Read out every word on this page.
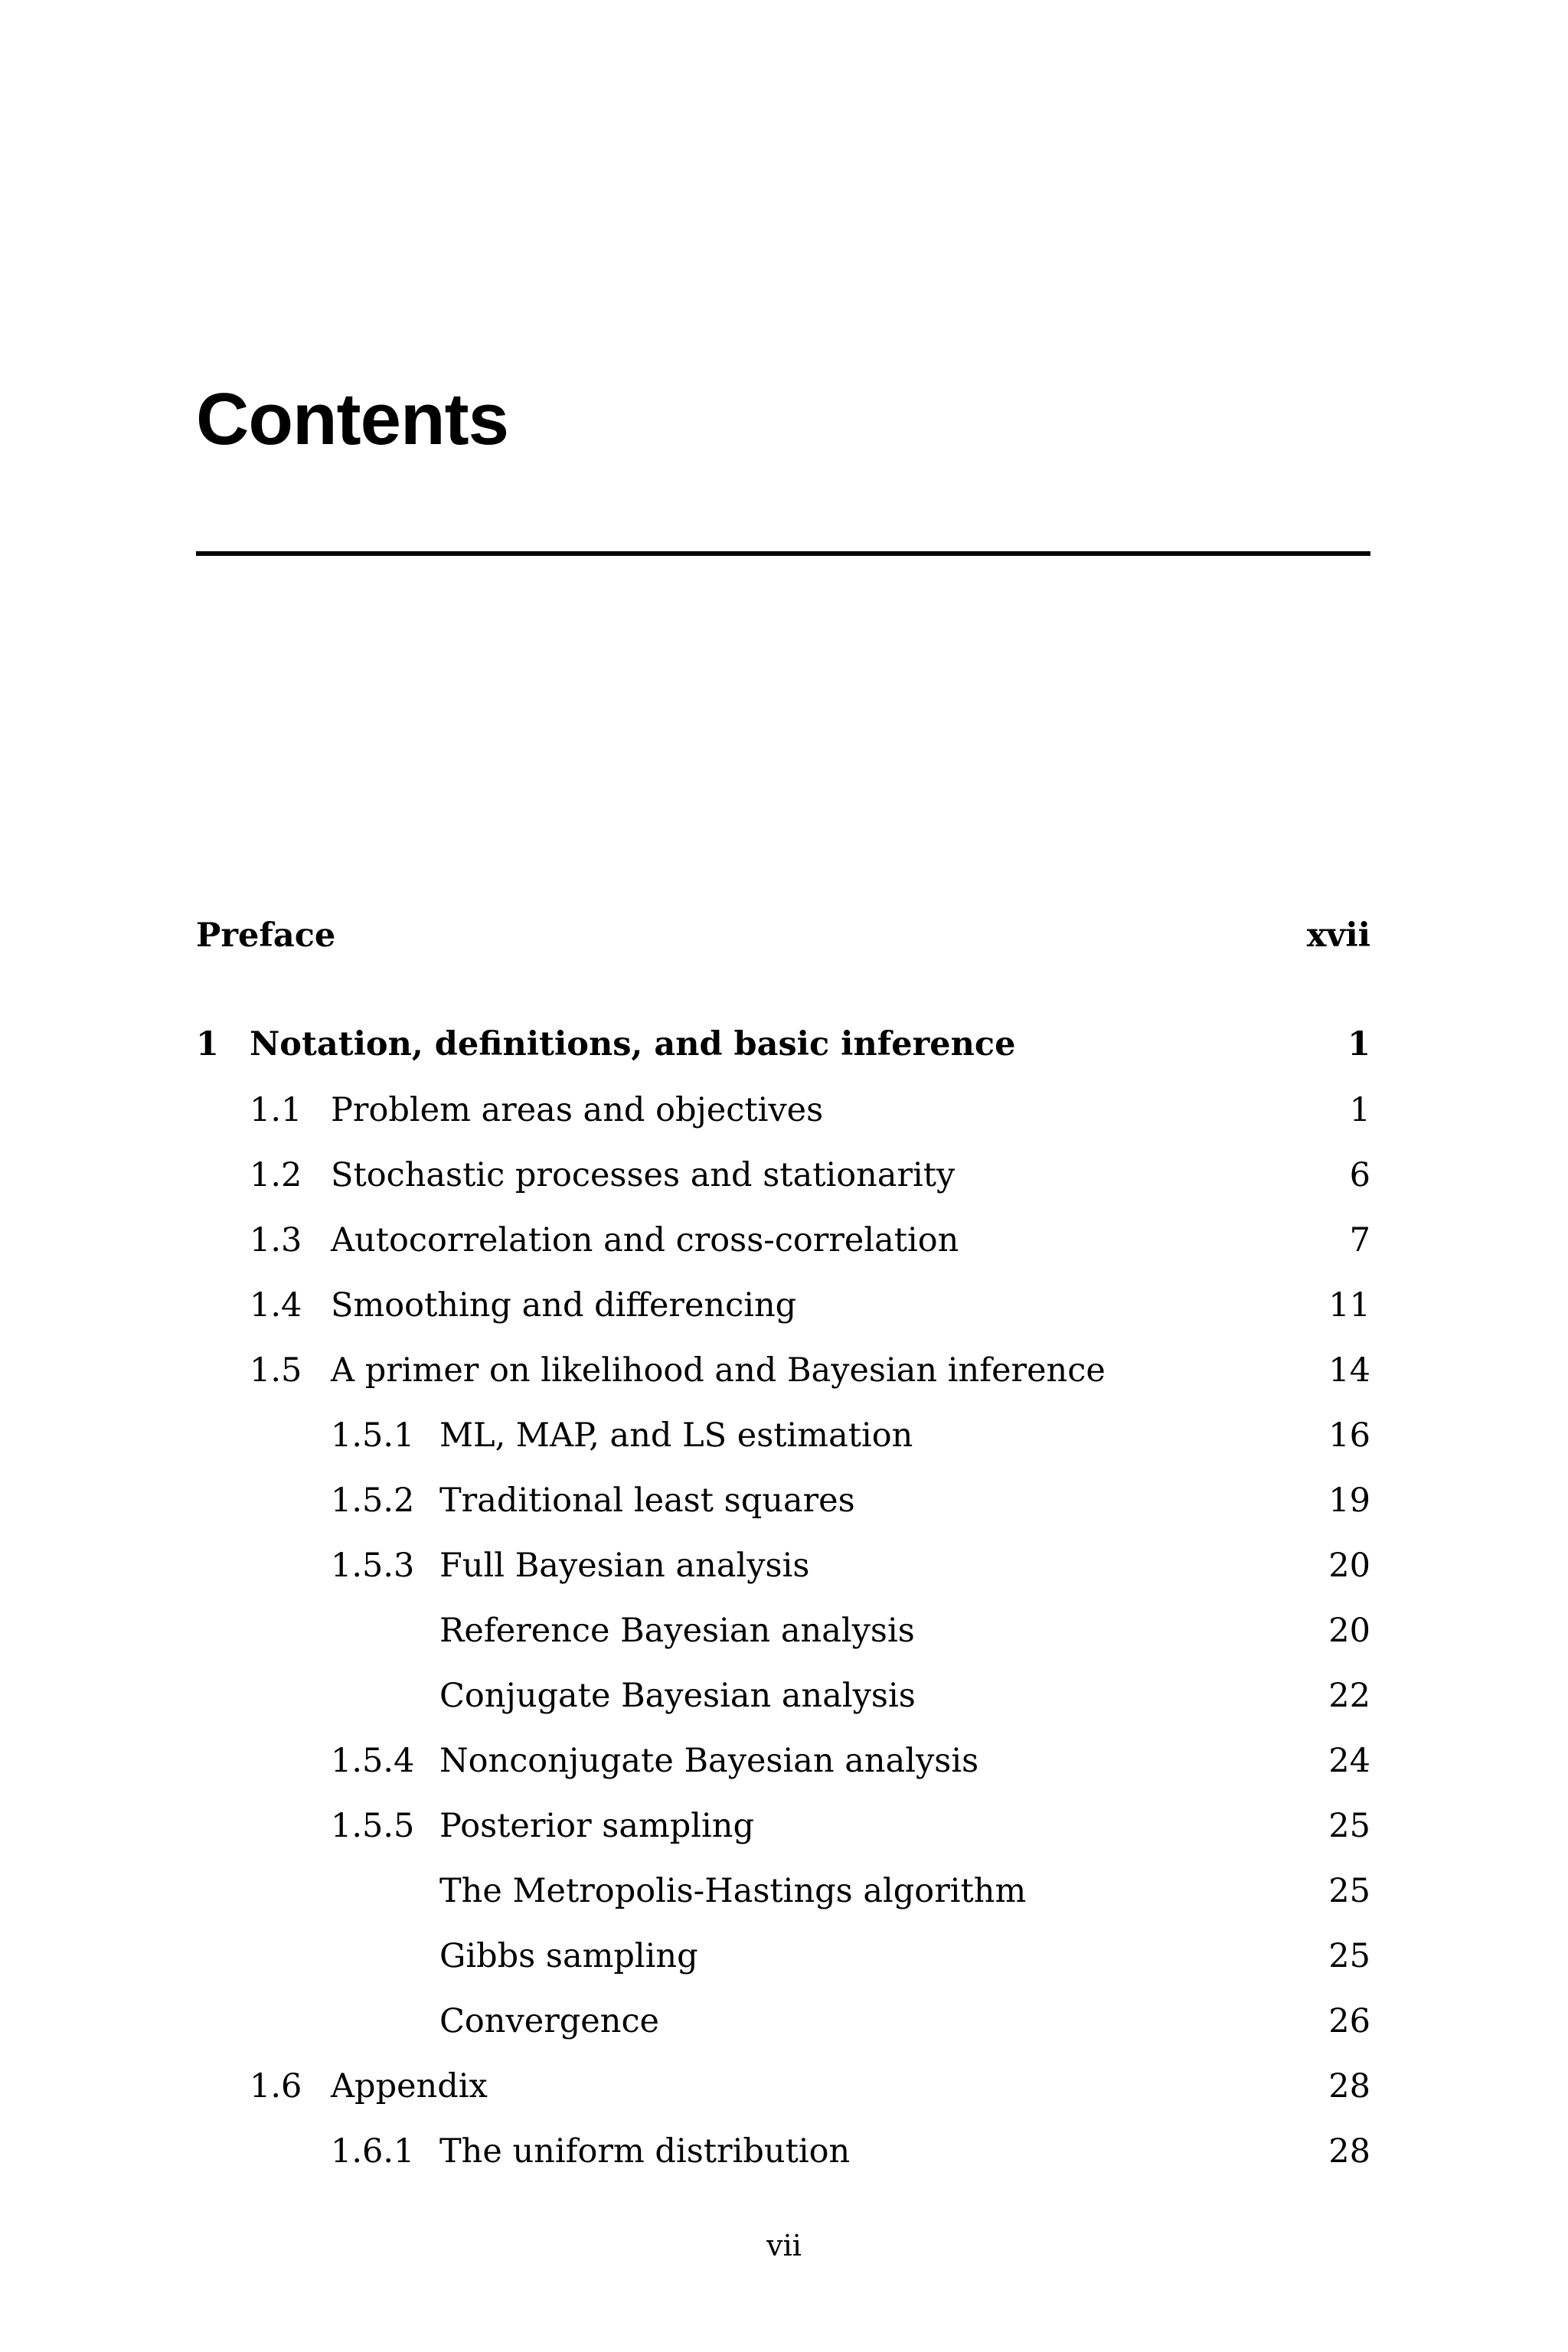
Contents
Preface	xvii
1 Notation, definitions, and basic inference	1
1.1 Problem areas and objectives	1
1.2 Stochastic processes and stationarity	6
1.3 Autocorrelation and cross-correlation	7
1.4 Smoothing and differencing	11
1.5 A primer on likelihood and Bayesian inference	14
1.5.1 ML, MAP, and LS estimation	16
1.5.2 Traditional least squares	19
1.5.3 Full Bayesian analysis	20
Reference Bayesian analysis	20
Conjugate Bayesian analysis	22
1.5.4 Nonconjugate Bayesian analysis	24
1.5.5 Posterior sampling	25
The Metropolis-Hastings algorithm	25
Gibbs sampling	25
Convergence	26
1.6 Appendix	28
1.6.1 The uniform distribution	28
vii
